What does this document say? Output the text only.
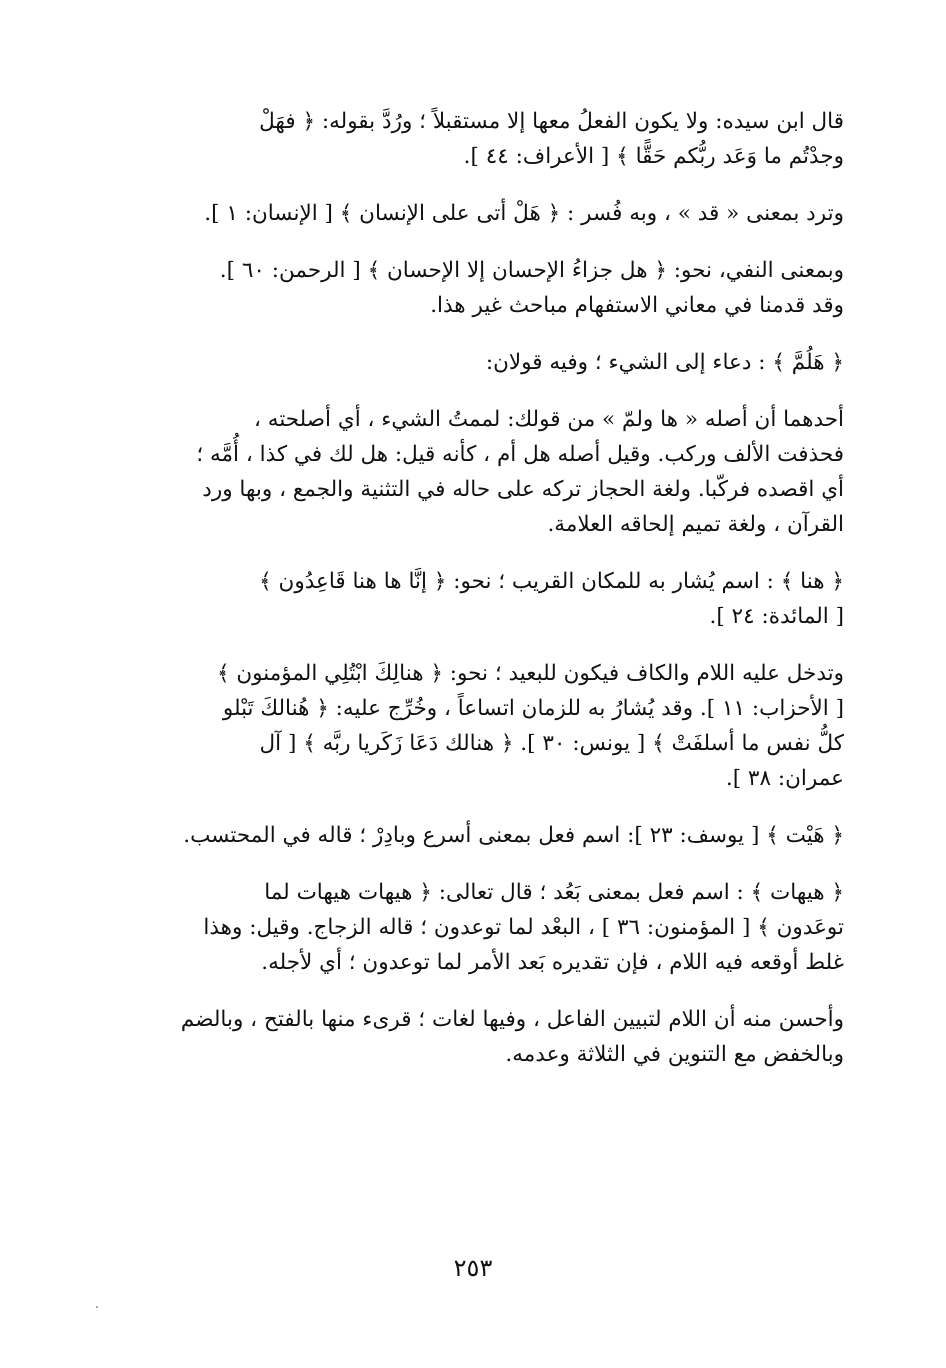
قال ابن سيده: ولا يكون الفعلُ معها إلا مستقبلاً ؛ ورُدَّ بقوله: ﴿ فهَلْ
وجدْتُم ما وَعَد ربُّكم حَقًّا ﴾ [ الأعراف: ٤٤ ].

وترد بمعنى « قد » ، وبه فُسر : ﴿ هَلْ أتى على الإنسان ﴾ [ الإنسان: ١ ].

وبمعنى النفي، نحو: ﴿ هل جزاءُ الإحسان إلا الإحسان ﴾ [ الرحمن: ٦٠ ].
وقد قدمنا في معاني الاستفهام مباحث غير هذا.

﴿ هَلُمَّ ﴾ : دعاء إلى الشيء ؛ وفيه قولان:

أحدهما أن أصله « ها ولمّ » من قولك: لممتُ الشيء ، أي أصلحته ،
فحذفت الألف وركب. وقيل أصله هل أم ، كأنه قيل: هل لك في كذا ، أُمَّه ؛
أي اقصده فركّبا. ولغة الحجاز تركه على حاله في التثنية والجمع ، وبها ورد
القرآن ، ولغة تميم إلحاقه العلامة.

﴿ هنا ﴾ : اسم يُشار به للمكان القريب ؛ نحو: ﴿ إنَّا ها هنا قَاعِدُون ﴾
[ المائدة: ٢٤ ].

وتدخل عليه اللام والكاف فيكون للبعيد ؛ نحو: ﴿ هنالِكَ ابْتُلِي المؤمنون ﴾
[ الأحزاب: ١١ ]. وقد يُشارُ به للزمان اتساعاً ، وخُرِّج عليه: ﴿ هُنالكَ تَبْلو
كلُّ نفس ما أسلفَتْ ﴾ [ يونس: ٣٠ ]. ﴿ هنالك دَعَا زَكَريا ربَّه ﴾ [ آل
عمران: ٣٨ ].

﴿ هَيْت ﴾ [ يوسف: ٢٣ ]: اسم فعل بمعنى أسرع وبادِرْ ؛ قاله في المحتسب.

﴿ هيهات ﴾ : اسم فعل بمعنى بَعُد ؛ قال تعالى: ﴿ هيهات هيهات لما
توعَدون ﴾ [ المؤمنون: ٣٦ ] ، البعْد لما توعدون ؛ قاله الزجاج. وقيل: وهذا
غلط أوقعه فيه اللام ، فإن تقديره بَعد الأمر لما توعدون ؛ أي لأجله.

وأحسن منه أن اللام لتبيين الفاعل ، وفيها لغات ؛ قرىء منها بالفتح ، وبالضم
وبالخفض مع التنوين في الثلاثة وعدمه.

٢٥٣
